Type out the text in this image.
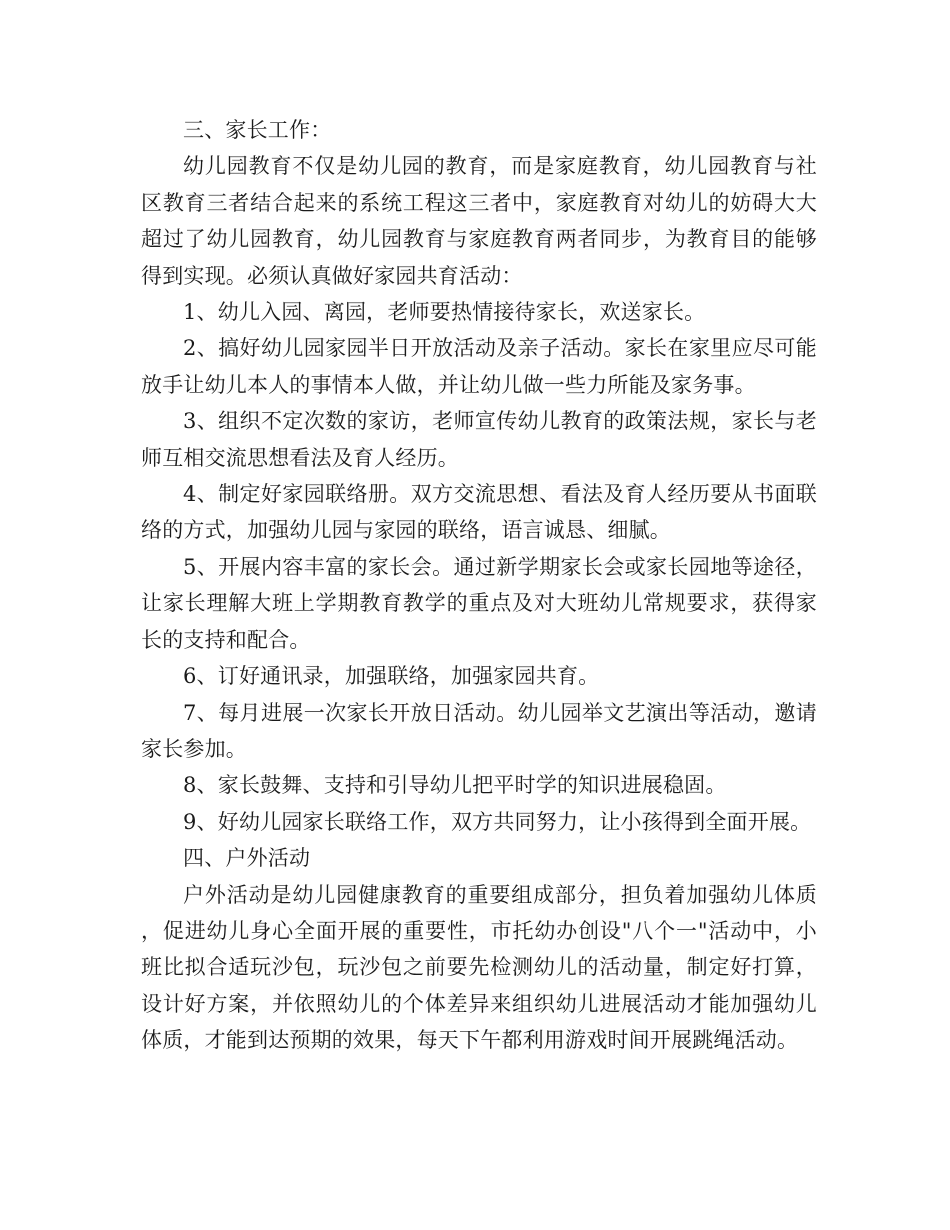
三、家长工作：

幼儿园教育不仅是幼儿园的教育，而是家庭教育，幼儿园教育与社区教育三者结合起来的系统工程这三者中，家庭教育对幼儿的妨碍大大超过了幼儿园教育，幼儿园教育与家庭教育两者同步，为教育目的能够得到实现。必须认真做好家园共育活动：

1、幼儿入园、离园，老师要热情接待家长，欢送家长。

2、搞好幼儿园家园半日开放活动及亲子活动。家长在家里应尽可能放手让幼儿本人的事情本人做，并让幼儿做一些力所能及家务事。

3、组织不定次数的家访，老师宣传幼儿教育的政策法规，家长与老师互相交流思想看法及育人经历。

4、制定好家园联络册。双方交流思想、看法及育人经历要从书面联络的方式，加强幼儿园与家园的联络，语言诚恳、细腻。

5、开展内容丰富的家长会。通过新学期家长会或家长园地等途径，让家长理解大班上学期教育教学的重点及对大班幼儿常规要求，获得家长的支持和配合。

6、订好通讯录，加强联络，加强家园共育。

7、每月进展一次家长开放日活动。幼儿园举文艺演出等活动，邀请家长参加。

8、家长鼓舞、支持和引导幼儿把平时学的知识进展稳固。

9、好幼儿园家长联络工作，双方共同努力，让小孩得到全面开展。

四、户外活动

户外活动是幼儿园健康教育的重要组成部分，担负着加强幼儿体质，促进幼儿身心全面开展的重要性，市托幼办创设"八个一"活动中，小班比拟合适玩沙包，玩沙包之前要先检测幼儿的活动量，制定好打算，设计好方案，并依照幼儿的个体差异来组织幼儿进展活动才能加强幼儿体质，才能到达预期的效果，每天下午都利用游戏时间开展跳绳活动。
